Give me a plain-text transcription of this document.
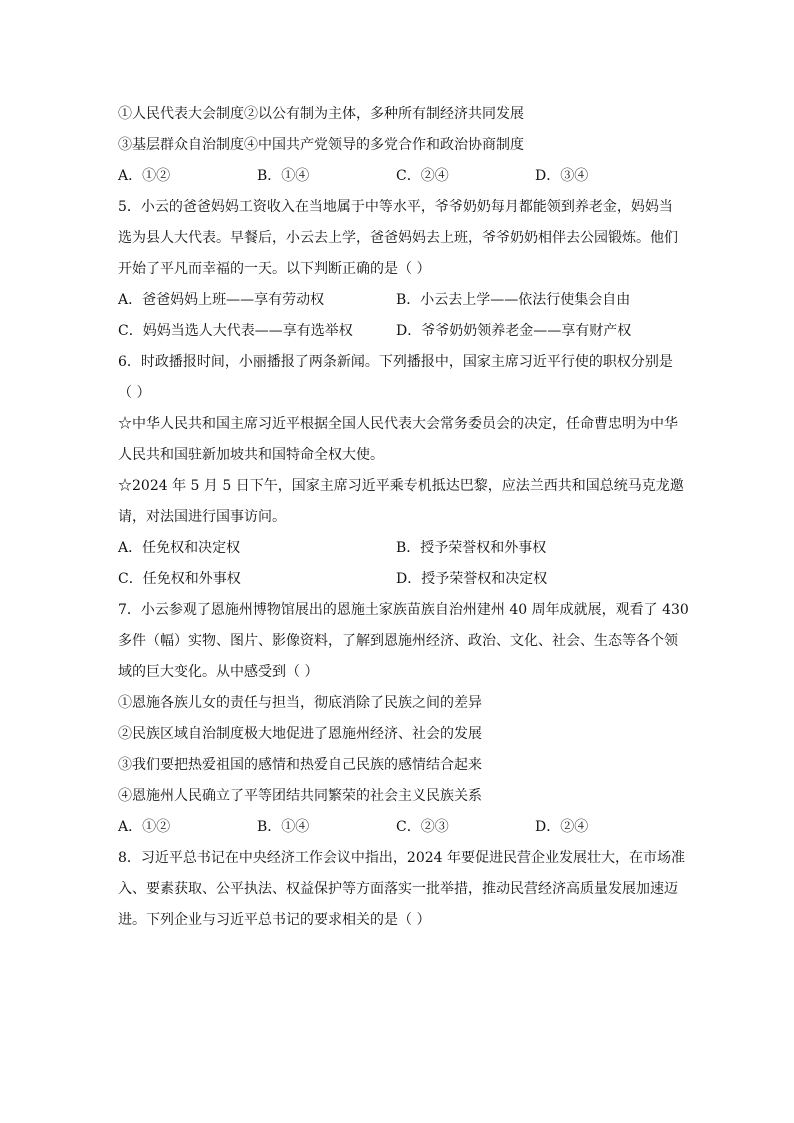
①人民代表大会制度②以公有制为主体，多种所有制经济共同发展
③基层群众自治制度④中国共产党领导的多党合作和政治协商制度
A．①②	B．①④	C．②④	D．③④
5．小云的爸爸妈妈工资收入在当地属于中等水平，爷爷奶奶每月都能领到养老金，妈妈当
选为县人大代表。早餐后，小云去上学，爸爸妈妈去上班，爷爷奶奶相伴去公园锻炼。他们
开始了平凡而幸福的一天。以下判断正确的是（ ）
A．爸爸妈妈上班——享有劳动权	B．小云去上学——依法行使集会自由
C．妈妈当选人大代表——享有选举权	D．爷爷奶奶领养老金——享有财产权
6．时政播报时间，小丽播报了两条新闻。下列播报中，国家主席习近平行使的职权分别是
（ ）
☆中华人民共和国主席习近平根据全国人民代表大会常务委员会的决定，任命曹忠明为中华
人民共和国驻新加坡共和国特命全权大使。
☆2024 年 5 月 5 日下午，国家主席习近平乘专机抵达巴黎，应法兰西共和国总统马克龙邀
请，对法国进行国事访问。
A．任免权和决定权	B．授予荣誉权和外事权
C．任免权和外事权	D．授予荣誉权和决定权
7．小云参观了恩施州博物馆展出的恩施土家族苗族自治州建州 40 周年成就展，观看了 430
多件（幅）实物、图片、影像资料，了解到恩施州经济、政治、文化、社会、生态等各个领
域的巨大变化。从中感受到（ ）
①恩施各族儿女的责任与担当，彻底消除了民族之间的差异
②民族区域自治制度极大地促进了恩施州经济、社会的发展
③我们要把热爱祖国的感情和热爱自己民族的感情结合起来
④恩施州人民确立了平等团结共同繁荣的社会主义民族关系
A．①②	B．①④	C．②③	D．②④
8．习近平总书记在中央经济工作会议中指出，2024 年要促进民营企业发展壮大，在市场准
入、要素获取、公平执法、权益保护等方面落实一批举措，推动民营经济高质量发展加速迈
进。下列企业与习近平总书记的要求相关的是（ ）
